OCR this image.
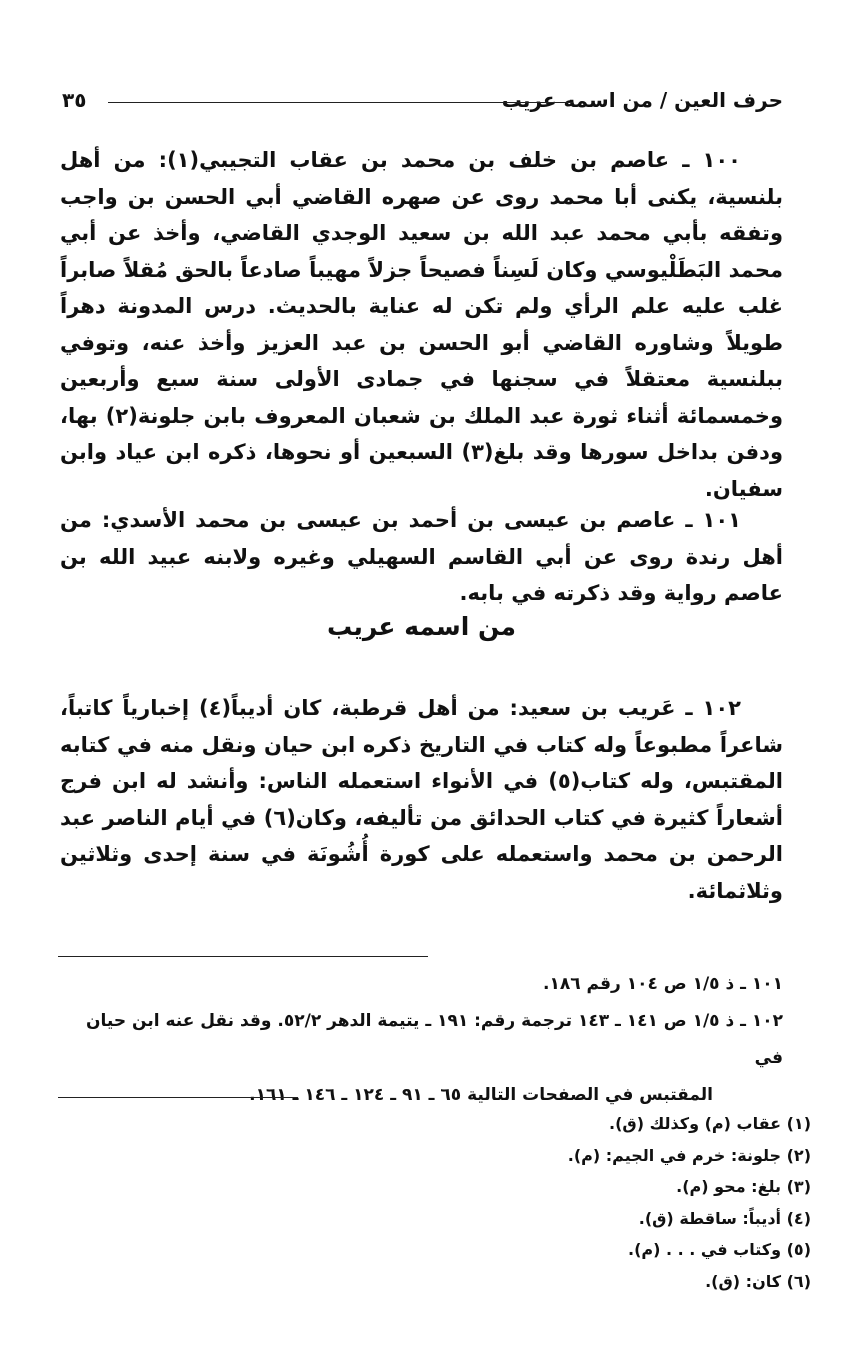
حرف العين / من اسمه عريب
٣٥

١٠٠ ـ عاصم بن خلف بن محمد بن عقاب التجيبي(١): من أهل بلنسية، يكنى أبا محمد روى عن صهره القاضي أبي الحسن بن واجب وتفقه بأبي محمد عبد الله بن سعيد الوجدي القاضي، وأخذ عن أبي محمد البَطَلْيوسي وكان لَسِناً فصيحاً جزلاً مهيباً صادعاً بالحق مُقلاً صابراً غلب عليه علم الرأي ولم تكن له عناية بالحديث. درس المدونة دهراً طويلاً وشاوره القاضي أبو الحسن بن عبد العزيز وأخذ عنه، وتوفي ببلنسية معتقلاً في سجنها في جمادى الأولى سنة سبع وأربعين وخمسمائة أثناء ثورة عبد الملك بن شعبان المعروف بابن جلونة(٢) بها، ودفن بداخل سورها وقد بلغ(٣) السبعين أو نحوها، ذكره ابن عياد وابن سفيان.

١٠١ ـ عاصم بن عيسى بن أحمد بن عيسى بن محمد الأسدي: من أهل رندة روى عن أبي القاسم السهيلي وغيره ولابنه عبيد الله بن عاصم رواية وقد ذكرته في بابه.

من اسمه عريب

١٠٢ ـ عَريب بن سعيد: من أهل قرطبة، كان أديباً(٤) إخبارياً كاتباً، شاعراً مطبوعاً وله كتاب في التاريخ ذكره ابن حيان ونقل منه في كتابه المقتبس، وله كتاب(٥) في الأنواء استعمله الناس: وأنشد له ابن فرج أشعاراً كثيرة في كتاب الحدائق من تأليفه، وكان(٦) في أيام الناصر عبد الرحمن بن محمد واستعمله على كورة أُشُونَة في سنة إحدى وثلاثين وثلاثمائة.

١٠١ ـ ذ ١/٥ ص ١٠٤ رقم ١٨٦.

١٠٢ ـ ذ ١/٥ ص ١٤١ ـ ١٤٣ ترجمة رقم: ١٩١ ـ يتيمة الدهر ٥٢/٢. وقد نقل عنه ابن حيان في

المقتبس في الصفحات التالية ٦٥ ـ ٩١ ـ ١٢٤ ـ ١٤٦ ـ ١٦١.

(١) عقاب (م) وكذلك (ق).
(٢) جلونة: خرم في الجيم: (م).
(٣) بلغ: محو (م).
(٤) أديباً: ساقطة (ق).
(٥) وكتاب في . . . (م).
(٦) كان: (ق).
